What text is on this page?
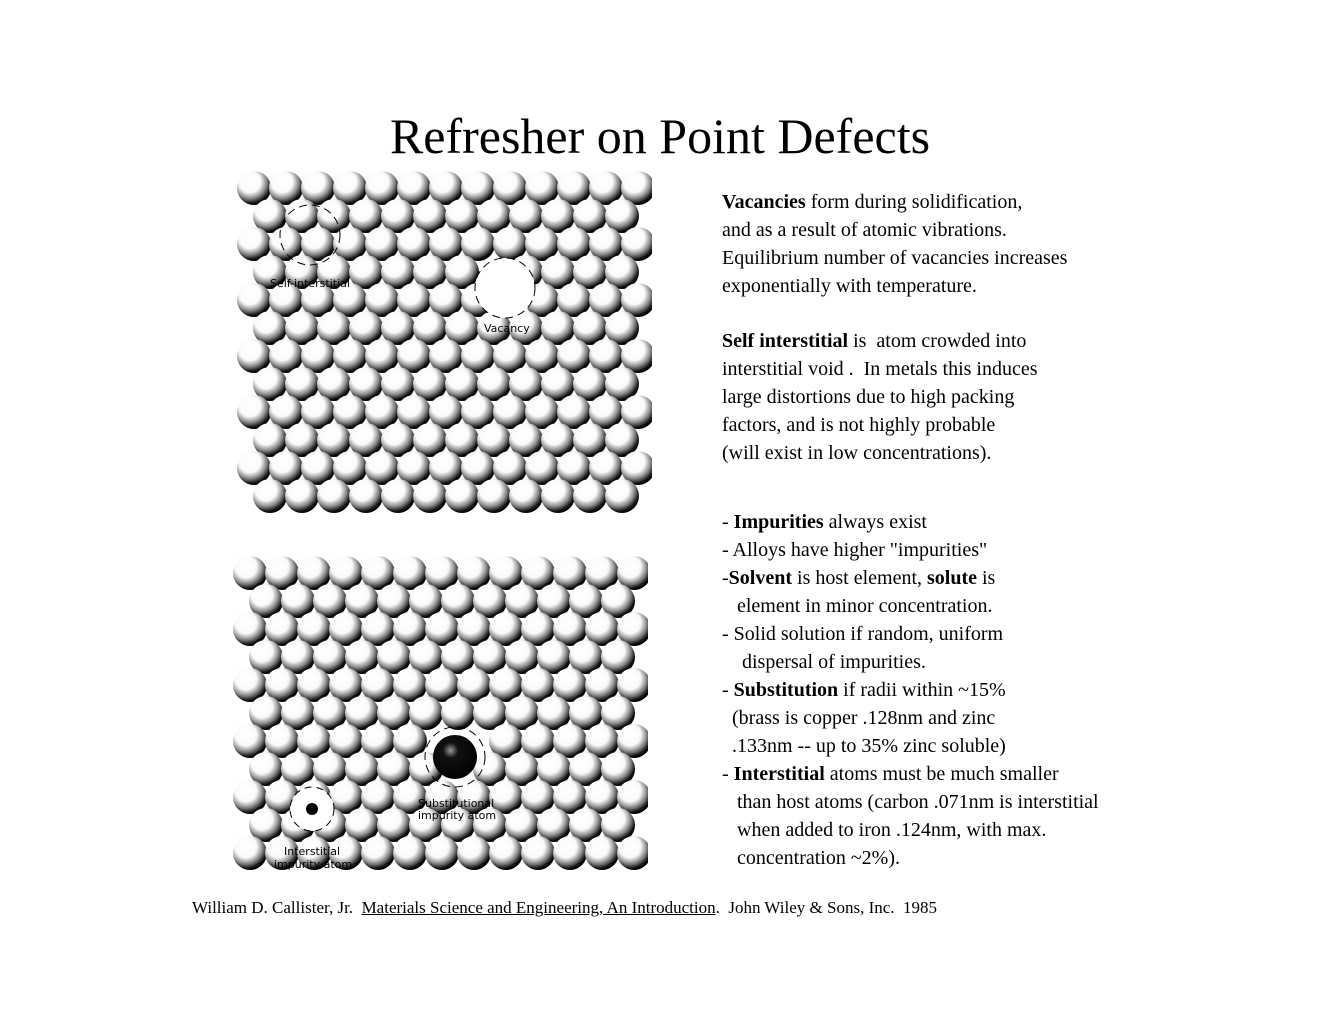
Refresher on Point Defects
Self-interstitial
Vacancy
Substitutional
impurity atom
Interstitial
impurity atom
Vacancies form during solidification,
and as a result of atomic vibrations.
Equilibrium number of vacancies increases
exponentially with temperature.
Self interstitial is  atom crowded into
interstitial void .  In metals this induces
large distortions due to high packing
factors, and is not highly probable
(will exist in low concentrations).
- Impurities always exist
- Alloys have higher "impurities"
-Solvent is host element, solute is
element in minor concentration.
- Solid solution if random, uniform
dispersal of impurities.
- Substitution if radii within ~15%
(brass is copper .128nm and zinc
.133nm -- up to 35% zinc soluble)
- Interstitial atoms must be much smaller
than host atoms (carbon .071nm is interstitial
when added to iron .124nm, with max.
concentration ~2%).
William D. Callister, Jr.  Materials Science and Engineering, An Introduction.  John Wiley & Sons, Inc.  1985
